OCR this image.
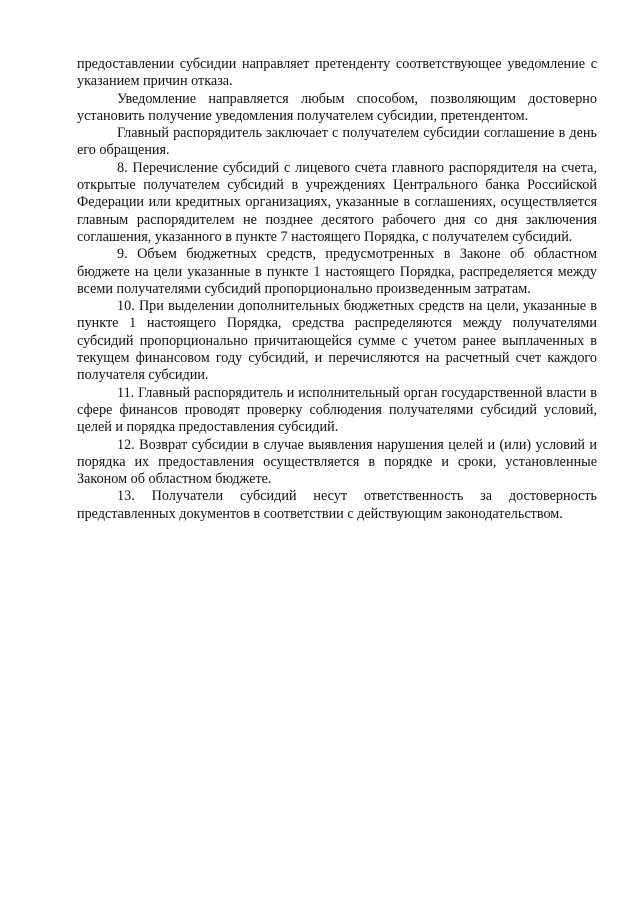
предоставлении субсидии направляет претенденту соответствующее уведомление с указанием причин отказа.

Уведомление направляется любым способом, позволяющим достоверно установить получение уведомления получателем субсидии, претендентом.

Главный распорядитель заключает с получателем субсидии соглашение в день его обращения.

8. Перечисление субсидий с лицевого счета главного распорядителя на счета, открытые получателем субсидий в учреждениях Центрального банка Российской Федерации или кредитных организациях, указанные в соглашениях, осуществляется главным распорядителем не позднее десятого рабочего дня со дня заключения соглашения, указанного в пункте 7 настоящего Порядка, с получателем субсидий.

9. Объем бюджетных средств, предусмотренных в Законе об областном бюджете на цели указанные в пункте 1 настоящего Порядка, распределяется между всеми получателями субсидий пропорционально произведенным затратам.

10. При выделении дополнительных бюджетных средств на цели, указанные в пункте 1 настоящего Порядка, средства распределяются между получателями субсидий пропорционально причитающейся сумме с учетом ранее выплаченных в текущем финансовом году субсидий, и перечисляются на расчетный счет каждого получателя субсидии.

11. Главный распорядитель и исполнительный орган государственной власти в сфере финансов проводят проверку соблюдения получателями субсидий условий, целей и порядка предоставления субсидий.

12. Возврат субсидии в случае выявления нарушения целей и (или) условий и порядка их предоставления осуществляется в порядке и сроки, установленные Законом об областном бюджете.

13. Получатели субсидий несут ответственность за достоверность представленных документов в соответствии с действующим законодательством.
